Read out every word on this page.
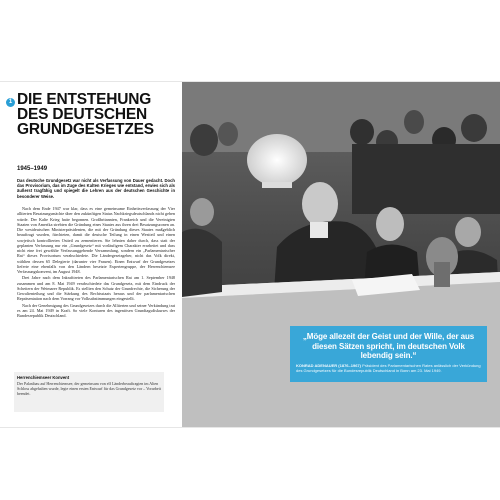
1 DIE ENTSTEHUNG
DES DEUTSCHEN
GRUNDGESETZES
1945–1949
Das deutsche Grundgesetz war nicht als Verfassung von Dauer gedacht. Doch das Provisorium, das im Zuge des Kalten Krieges wie entstand, erwies sich als äußerst tragfähig und spiegelt die Lehren aus der deutschen Geschichte in besonderer Weise.

Nach dem Ende 1947 war klar, dass es eine gemeinsame Einheitsverfassung der Vier alliierten Besatzungsmächte über den zukünftigen Status Nachkriegsdeutschlands nicht geben würde. Der Kalte Krieg hatte begonnen. Großbritannien, Frankreich und die Vereinigten Staaten von Amerika strebten die Gründung eines Staates aus ihren drei Besatzungszonen an. Die westdeutschen Ministerpräsidenten, die mit der Gründung dieses Staates maßgeblich beauftragt wurden, fürchteten, damit die deutsche Teilung in einen Westteil und einen sowjetisch kontrollierten Ostteil zu zementieren. Sie lehnten daher durch, dass statt der geplanten Verfassung nur ein „Grundgesetz“ mit vorläufigem Charakter erarbeitet und dass nicht eine frei gewählte Verfassunggebende Versammlung, sondern ein „Parlamentarischer Rat“ dieses Provisorium verabschiedete. Die Ländergesetzgeber, nicht das Volk direkt, wählten dessen 65 Delegierte (darunter vier Frauen). Einen Entwurf der Grundgesetzes lieferte eine ebenfalls von den Ländern besetzte Expertengruppe, der Herrenchiemsee Verfassungskonvent, im August 1948.

Drei Jahre nach dem Inkrafttreten des Parlamentarischen Rat am 1. September 1948 zusammen und am 8. Mai 1949 verabschiedete das Grundgesetz, mit dem Eindruck der Scheitern der Weimarer Republik. Es stellten den Schutz der Grundrechte, die Sicherung der Gewaltenteilung und die Stärkung des Rechtsstaats heraus und der parlamentarischen Repräsentation nach dem Vorrang vor Volksabstimmungen eingestellt.

Nach der Genehmigung des Grundgesetzes durch die Alliierten und seiner Verkündung trat es am 24. Mai 1949 in Kraft. So viele Konturen des ingeniösen Grundtagsdiskurses der Bundesrepublik Deutschland.

Herrenchiemseer Konvent
Der Palastbau auf Herrenchiemsee, der gemeinsam von elf Länderbeauftragten im Alten Schloss abgehalten wurde, legte einen ersten Entwurf für das Grundgesetz vor – Vorarbeit beendet.
„Möge allezeit der Geist und der Wille, der aus diesen Sätzen spricht, im deutschen Volk lebendig sein.“
KONRAD ADENAUER (1876–1967) Präsident des Parlamentarischen Rates anlässlich der Verkündung des Grundgesetzes für die Bundesrepublik Deutschland in Bonn am 23. Mai 1949.
